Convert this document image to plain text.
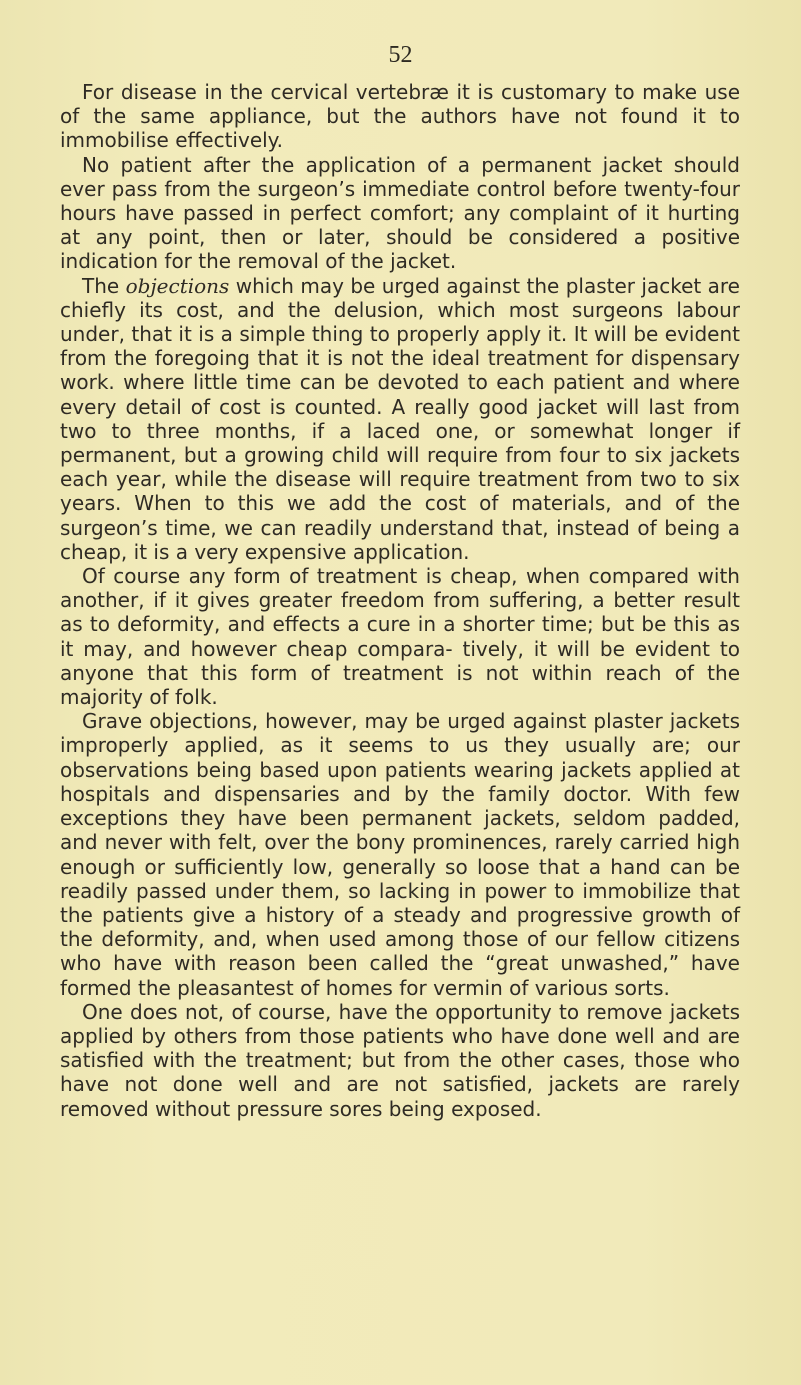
52

For disease in the cervical vertebræ it is customary to make use of the same appliance, but the authors have not found it to immobilise effectively.

No patient after the application of a permanent jacket should ever pass from the surgeon’s immediate control before twenty-four hours have passed in perfect comfort; any complaint of it hurting at any point, then or later, should be considered a positive indication for the removal of the jacket.

The objections which may be urged against the plaster jacket are chiefly its cost, and the delusion, which most surgeons labour under, that it is a simple thing to properly apply it. It will be evident from the foregoing that it is not the ideal treatment for dispensary work. where little time can be devoted to each patient and where every detail of cost is counted. A really good jacket will last from two to three months, if a laced one, or somewhat longer if permanent, but a growing child will require from four to six jackets each year, while the disease will require treatment from two to six years. When to this we add the cost of materials, and of the surgeon’s time, we can readily understand that, instead of being a cheap, it is a very expensive application.

Of course any form of treatment is cheap, when compared with another, if it gives greater freedom from suffering, a better result as to deformity, and effects a cure in a shorter time; but be this as it may, and however cheap compara- tively, it will be evident to anyone that this form of treatment is not within reach of the majority of folk.

Grave objections, however, may be urged against plaster jackets improperly applied, as it seems to us they usually are; our observations being based upon patients wearing jackets applied at hospitals and dispensaries and by the family doctor. With few exceptions they have been permanent jackets, seldom padded, and never with felt, over the bony prominences, rarely carried high enough or sufficiently low, generally so loose that a hand can be readily passed under them, so lacking in power to immobilize that the patients give a history of a steady and progressive growth of the deformity, and, when used among those of our fellow citizens who have with reason been called the “great unwashed,” have formed the pleasantest of homes for vermin of various sorts.

One does not, of course, have the opportunity to remove jackets applied by others from those patients who have done well and are satisfied with the treatment; but from the other cases, those who have not done well and are not satisfied, jackets are rarely removed without pressure sores being exposed.
